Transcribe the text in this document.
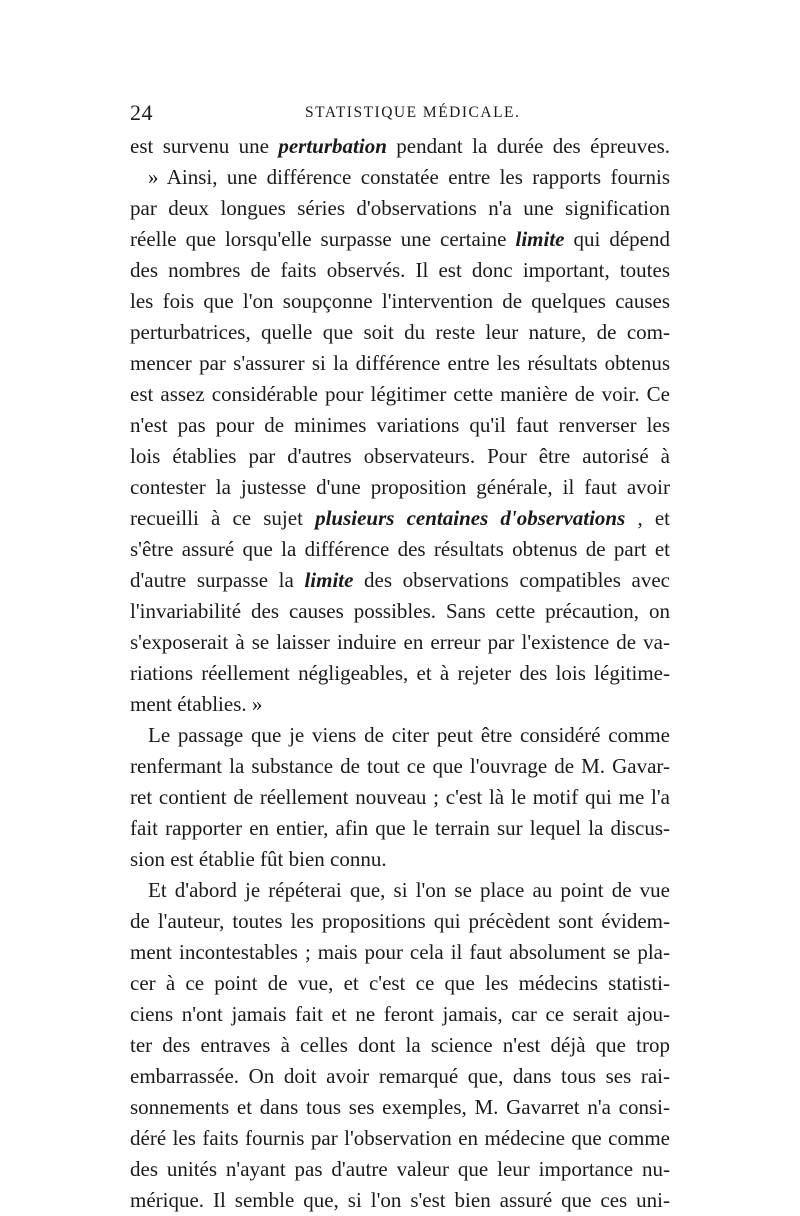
24	STATISTIQUE MÉDICALE.
est survenu une perturbation pendant la durée des épreuves.
» Ainsi, une différence constatée entre les rapports fournis
par deux longues séries d'observations n'a une signification
réelle que lorsqu'elle surpasse une certaine limite qui dépend
des nombres de faits observés. Il est donc important, toutes
les fois que l'on soupçonne l'intervention de quelques causes
perturbatrices, quelle que soit du reste leur nature, de com-
mencer par s'assurer si la différence entre les résultats obtenus
est assez considérable pour légitimer cette manière de voir. Ce
n'est pas pour de minimes variations qu'il faut renverser les
lois établies par d'autres observateurs. Pour être autorisé à
contester la justesse d'une proposition générale, il faut avoir
recueilli à ce sujet plusieurs centaines d'observations , et
s'être assuré que la différence des résultats obtenus de part et
d'autre surpasse la limite des observations compatibles avec
l'invariabilité des causes possibles. Sans cette précaution, on
s'exposerait à se laisser induire en erreur par l'existence de va-
riations réellement négligeables, et à rejeter des lois légitime-
ment établies. »
Le passage que je viens de citer peut être considéré comme
renfermant la substance de tout ce que l'ouvrage de M. Gavar-
ret contient de réellement nouveau ; c'est là le motif qui me l'a
fait rapporter en entier, afin que le terrain sur lequel la discus-
sion est établie fût bien connu.
Et d'abord je répéterai que, si l'on se place au point de vue
de l'auteur, toutes les propositions qui précèdent sont évidem-
ment incontestables ; mais pour cela il faut absolument se pla-
cer à ce point de vue, et c'est ce que les médecins statisti-
ciens n'ont jamais fait et ne feront jamais, car ce serait ajou-
ter des entraves à celles dont la science n'est déjà que trop
embarrassée. On doit avoir remarqué que, dans tous ses rai-
sonnements et dans tous ses exemples, M. Gavarret n'a consi-
déré les faits fournis par l'observation en médecine que comme
des unités n'ayant pas d'autre valeur que leur importance nu-
mérique. Il semble que, si l'on s'est bien assuré que ces uni-
